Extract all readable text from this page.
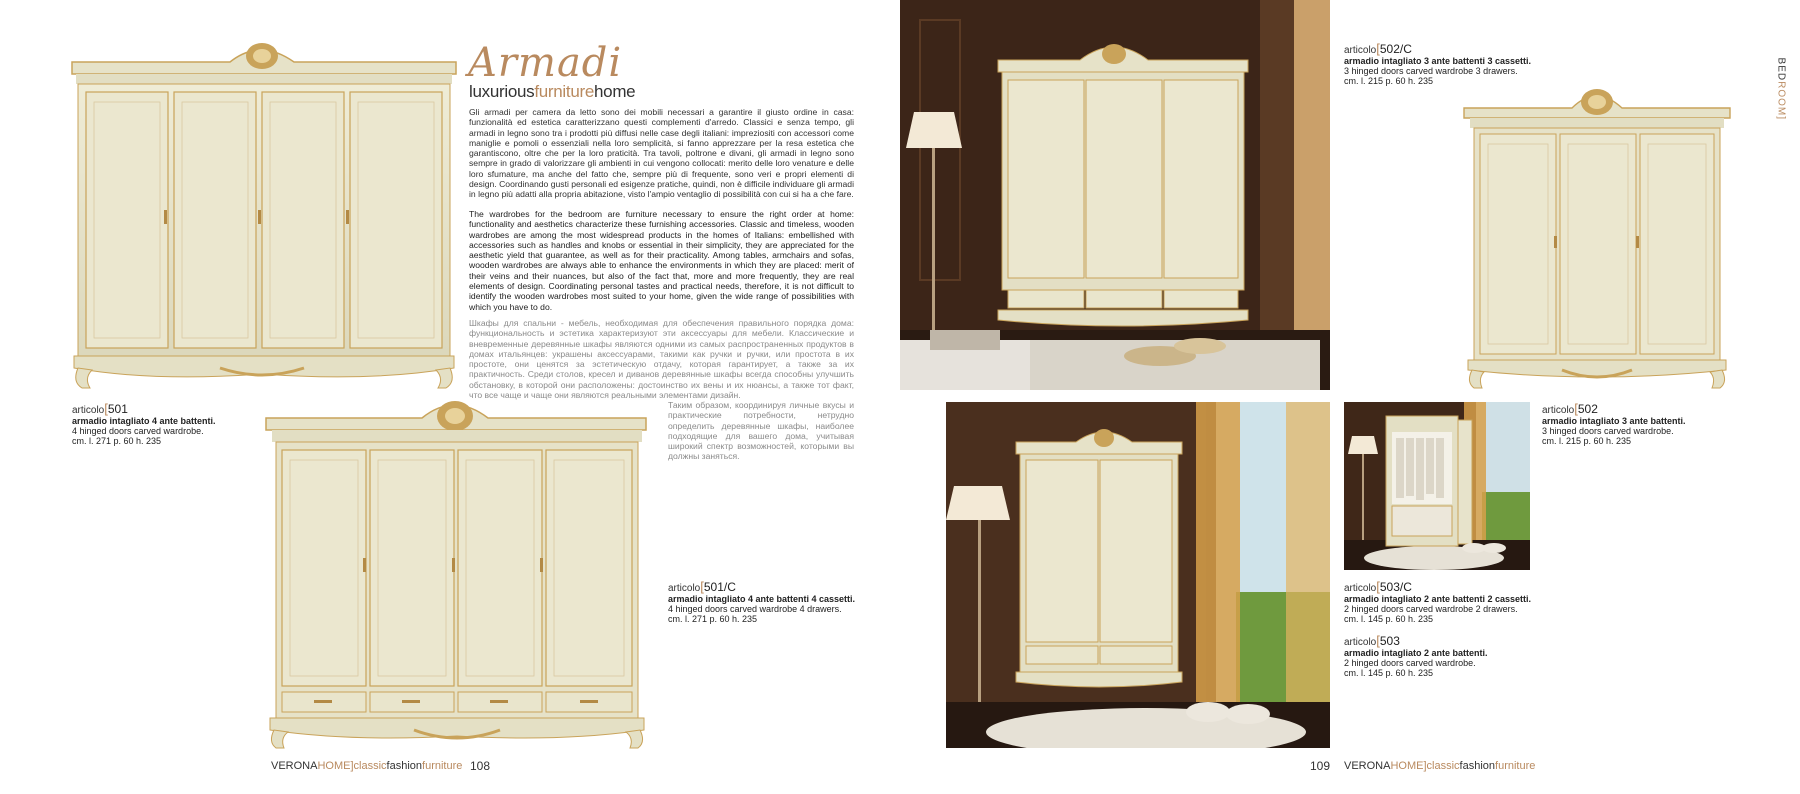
articolo[501
armadio intagliato 4 ante battenti.
4 hinged doors carved wardrobe.
cm. l. 271 p. 60 h. 235
Armadi
luxuriousfurniturehome
Gli armadi per camera da letto sono dei mobili necessari a garantire il giusto ordine in casa: funzionalità ed estetica caratterizzano questi complementi d'arredo. Classici e senza tempo, gli armadi in legno sono tra i prodotti più diffusi nelle case degli italiani: impreziositi con accessori come maniglie e pomoli o essenziali nella loro semplicità, si fanno apprezzare per la resa estetica che garantiscono, oltre che per la loro praticità. Tra tavoli, poltrone e divani, gli armadi in legno sono sempre in grado di valorizzare gli ambienti in cui vengono collocati: merito delle loro venature e delle loro sfumature, ma anche del fatto che, sempre più di frequente, sono veri e propri elementi di design. Coordinando gusti personali ed esigenze pratiche, quindi, non è difficile individuare gli armadi in legno più adatti alla propria abitazione, visto l'ampio ventaglio di possibilità con cui si ha a che fare.
The wardrobes for the bedroom are furniture necessary to ensure the right order at home: functionality and aesthetics characterize these furnishing accessories. Classic and timeless, wooden wardrobes are among the most widespread products in the homes of Italians: embellished with accessories such as handles and knobs or essential in their simplicity, they are appreciated for the aesthetic yield that guarantee, as well as for their practicality. Among tables, armchairs and sofas, wooden wardrobes are always able to enhance the environments in which they are placed: merit of their veins and their nuances, but also of the fact that, more and more frequently, they are real elements of design. Coordinating personal tastes and practical needs, therefore, it is not difficult to identify the wooden wardrobes most suited to your home, given the wide range of possibilities with which you have to do.
Шкафы для спальни - мебель, необходимая для обеспечения правильного порядка дома: функциональность и эстетика характеризуют эти аксессуары для мебели. Классические и вневременные деревянные шкафы являются одними из самых распространенных продуктов в домах итальянцев: украшены аксессуарами, такими как ручки и ручки, или простота в их простоте, они ценятся за эстетическую отдачу, которая гарантирует, а также за их практичность. Среди столов, кресел и диванов деревянные шкафы всегда способны улучшить обстановку, в которой они расположены: достоинство их вены и их нюансы, а также тот факт, что все чаще и чаще они являются реальными элементами дизайн.
Таким образом, координируя личные вкусы и практические потребности, нетрудно определить деревянные шкафы, наиболее подходящие для вашего дома, учитывая широкий спектр возможностей, которыми вы должны заняться.
articolo[501/C
armadio intagliato 4 ante battenti 4 cassetti.
4 hinged doors carved wardrobe 4 drawers.
cm. l. 271 p. 60 h. 235
VERONAHOME]classicfashionfurniture 108
articolo[502/C
armadio intagliato 3 ante battenti 3 cassetti.
3 hinged doors carved wardrobe 3 drawers.
cm. l. 215 p. 60 h. 235
articolo[502
armadio intagliato 3 ante battenti.
3 hinged doors carved wardrobe.
cm. l. 215 p. 60 h. 235
articolo[503/C
armadio intagliato 2 ante battenti 2 cassetti.
2 hinged doors carved wardrobe 2 drawers.
cm. l. 145 p. 60 h. 235
articolo[503
armadio intagliato 2 ante battenti.
2 hinged doors carved wardrobe.
cm. l. 145 p. 60 h. 235
109 VERONAHOME]classicfashionfurniture
BEDROOM]
